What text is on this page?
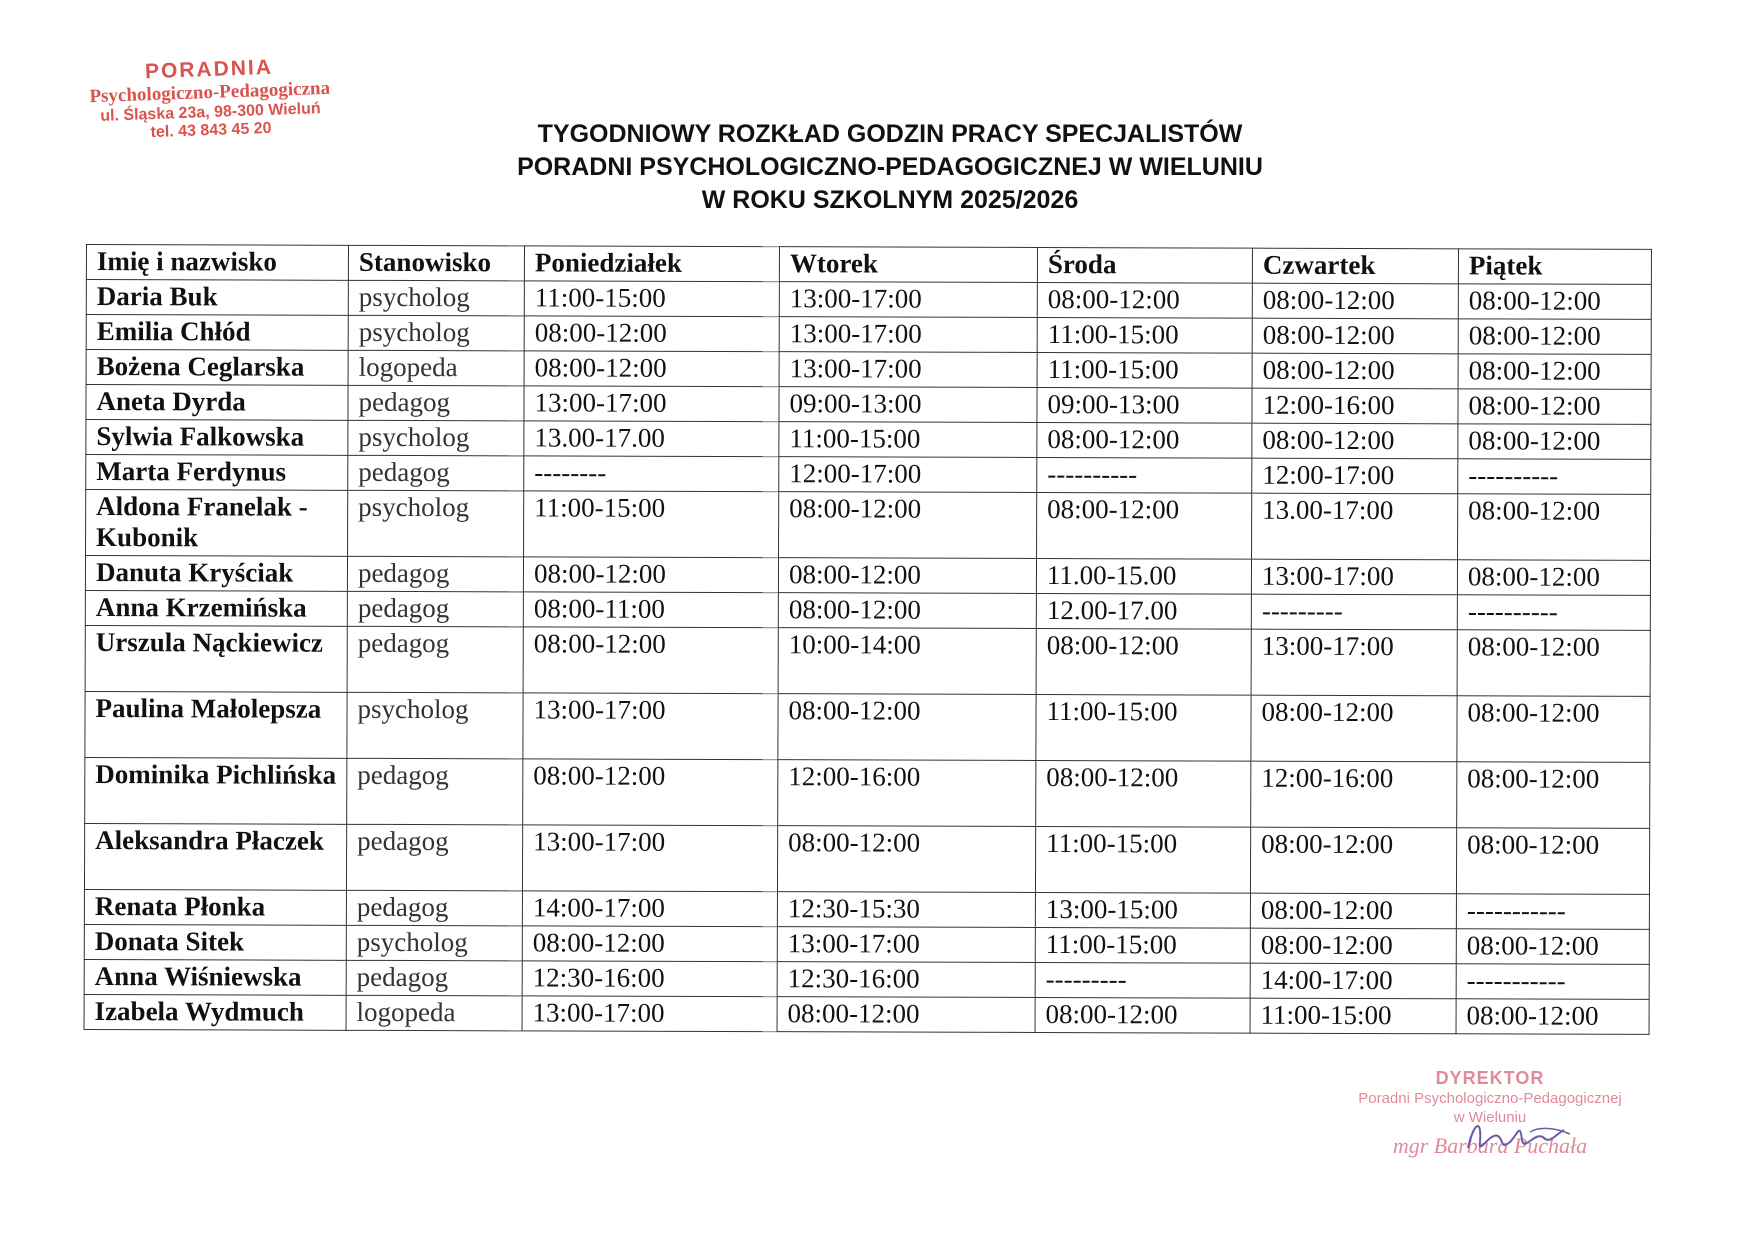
PORADNIA
Psychologiczno-Pedagogiczna
ul. Śląska 23a, 98-300 Wieluń
tel. 43 843 45 20	TYGODNIOWY ROZKŁAD GODZIN PRACY SPECJALISTÓW
PORADNI PSYCHOLOGICZNO-PEDAGOGICZNEJ W WIELUNIU
W ROKU SZKOLNYM 2025/2026
Imię i nazwisko	Stanowisko	Poniedziałek	Wtorek	Środa	Czwartek	Piątek
Daria Buk	psycholog	11:00-15:00	13:00-17:00	08:00-12:00	08:00-12:00	08:00-12:00
Emilia Chłód	psycholog	08:00-12:00	13:00-17:00	11:00-15:00	08:00-12:00	08:00-12:00
Bożena Ceglarska	logopeda	08:00-12:00	13:00-17:00	11:00-15:00	08:00-12:00	08:00-12:00
Aneta Dyrda	pedagog	13:00-17:00	09:00-13:00	09:00-13:00	12:00-16:00	08:00-12:00
Sylwia Falkowska	psycholog	13.00-17.00	11:00-15:00	08:00-12:00	08:00-12:00	08:00-12:00
Marta Ferdynus	pedagog	--------	12:00-17:00	----------	12:00-17:00	----------
Aldona Franelak - Kubonik	psycholog	11:00-15:00	08:00-12:00	08:00-12:00	13.00-17:00	08:00-12:00
Danuta Kryściak	pedagog	08:00-12:00	08:00-12:00	11.00-15.00	13:00-17:00	08:00-12:00
Anna Krzemińska	pedagog	08:00-11:00	08:00-12:00	12.00-17.00	---------	----------
Urszula Nąckiewicz	pedagog	08:00-12:00	10:00-14:00	08:00-12:00	13:00-17:00	08:00-12:00
Paulina Małolepsza	psycholog	13:00-17:00	08:00-12:00	11:00-15:00	08:00-12:00	08:00-12:00
Dominika Pichlińska	pedagog	08:00-12:00	12:00-16:00	08:00-12:00	12:00-16:00	08:00-12:00
Aleksandra Płaczek	pedagog	13:00-17:00	08:00-12:00	11:00-15:00	08:00-12:00	08:00-12:00
Renata Płonka	pedagog	14:00-17:00	12:30-15:30	13:00-15:00	08:00-12:00	-----------
Donata Sitek	psycholog	08:00-12:00	13:00-17:00	11:00-15:00	08:00-12:00	08:00-12:00
Anna Wiśniewska	pedagog	12:30-16:00	12:30-16:00	---------	14:00-17:00	-----------
Izabela Wydmuch	logopeda	13:00-17:00	08:00-12:00	08:00-12:00	11:00-15:00	08:00-12:00
DYREKTOR
Poradni Psychologiczno-Pedagogicznej
w Wieluniu
mgr Barbara Puchała
